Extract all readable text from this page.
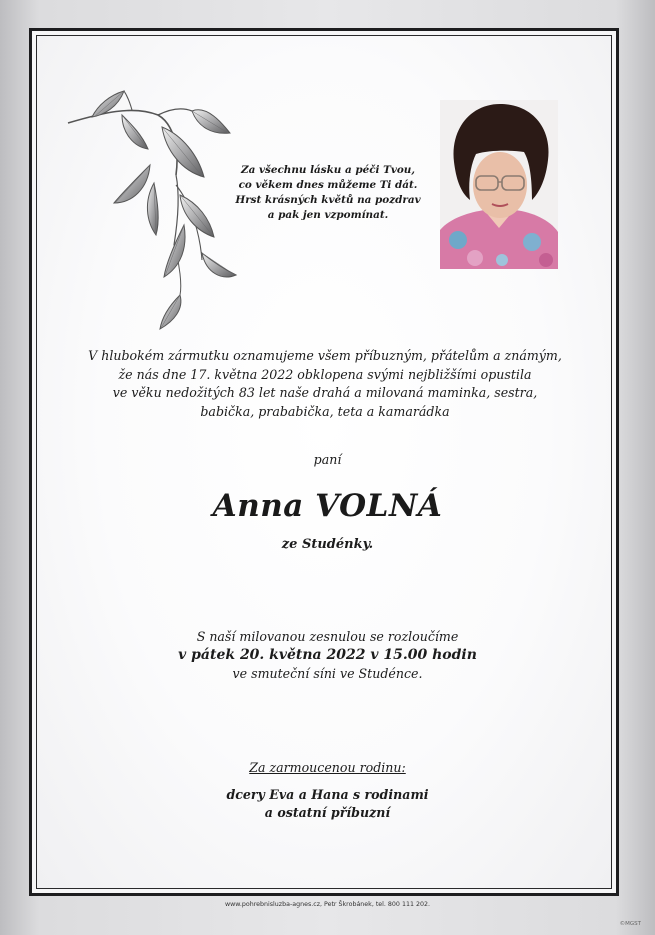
Za všechnu lásku a péči Tvou,
co věkem dnes můžeme Ti dát.
Hrst krásných květů na pozdrav
a pak jen vzpomínat.
V hlubokém zármutku oznamujeme všem příbuzným, přátelům a známým,
že nás dne 17. května 2022 obklopena svými nejbližšími opustila
ve věku nedožitých 83 let naše drahá a milovaná maminka, sestra,
babička, prababička, teta a kamarádka
paní
Anna VOLNÁ
ze Studénky.
S naší milovanou zesnulou se rozloučíme
v pátek 20. května 2022 v 15.00 hodin
ve smuteční síni ve Studénce.
Za zarmoucenou rodinu:
dcery Eva a Hana s rodinami
a ostatní příbuzní
www.pohrebnisluzba-agnes.cz, Petr Škrobánek, tel. 800 111 202.
©MGST
